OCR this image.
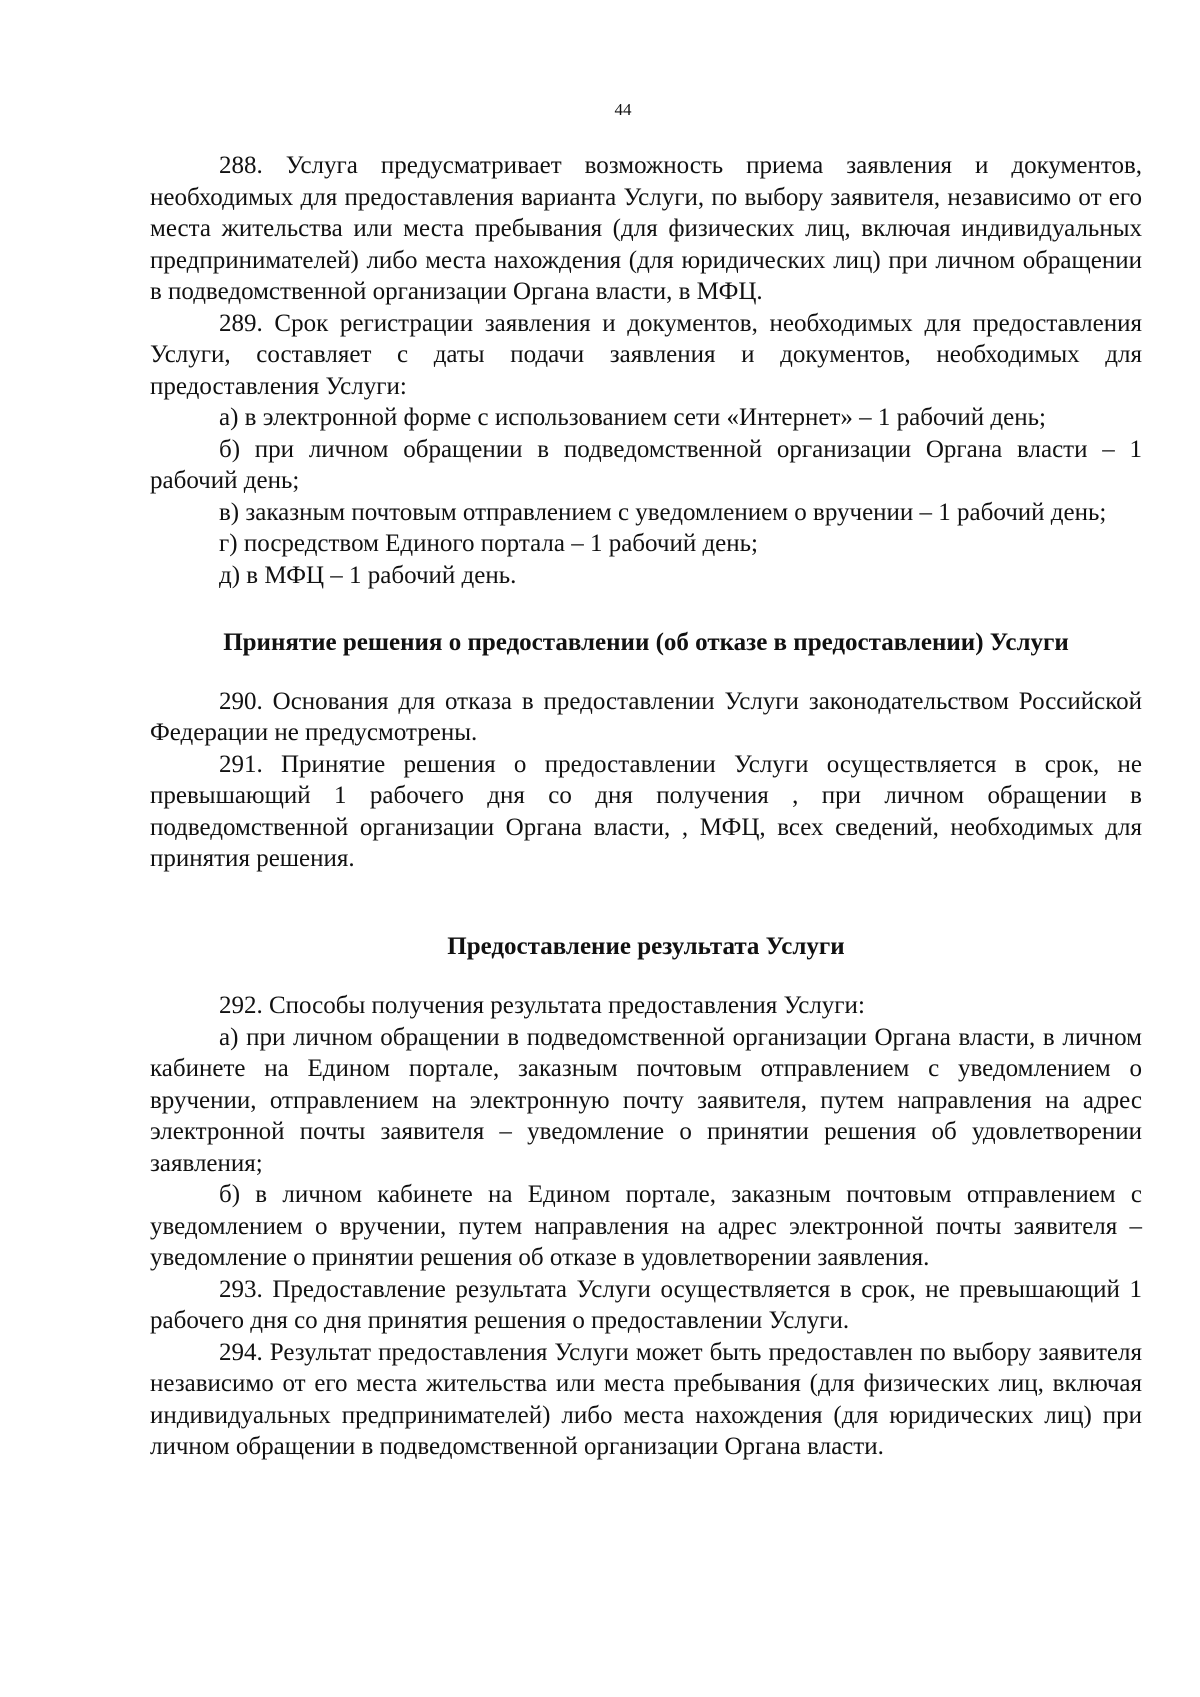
44

288. Услуга предусматривает возможность приема заявления и документов, необходимых для предоставления варианта Услуги, по выбору заявителя, независимо от его места жительства или места пребывания (для физических лиц, включая индивидуальных предпринимателей) либо места нахождения (для юридических лиц) при личном обращении в подведомственной организации Органа власти, в МФЦ.

289. Срок регистрации заявления и документов, необходимых для предоставления Услуги, составляет с даты подачи заявления и документов, необходимых для предоставления Услуги:

а) в электронной форме с использованием сети «Интернет» – 1 рабочий день;

б) при личном обращении в подведомственной организации Органа власти – 1 рабочий день;

в) заказным почтовым отправлением с уведомлением о вручении – 1 рабочий день;

г) посредством Единого портала – 1 рабочий день;

д) в МФЦ – 1 рабочий день.

Принятие решения о предоставлении (об отказе в предоставлении) Услуги

290. Основания для отказа в предоставлении Услуги законодательством Российской Федерации не предусмотрены.

291. Принятие решения о предоставлении Услуги осуществляется в срок, не превышающий 1 рабочего дня со дня получения , при личном обращении в подведомственной организации Органа власти, , МФЦ, всех сведений, необходимых для принятия решения.

Предоставление результата Услуги

292. Способы получения результата предоставления Услуги:

а) при личном обращении в подведомственной организации Органа власти, в личном кабинете на Едином портале, заказным почтовым отправлением с уведомлением о вручении, отправлением на электронную почту заявителя, путем направления на адрес электронной почты заявителя – уведомление о принятии решения об удовлетворении заявления;

б) в личном кабинете на Едином портале, заказным почтовым отправлением с уведомлением о вручении, путем направления на адрес электронной почты заявителя – уведомление о принятии решения об отказе в удовлетворении заявления.

293. Предоставление результата Услуги осуществляется в срок, не превышающий 1 рабочего дня со дня принятия решения о предоставлении Услуги.

294. Результат предоставления Услуги может быть предоставлен по выбору заявителя независимо от его места жительства или места пребывания (для физических лиц, включая индивидуальных предпринимателей) либо места нахождения (для юридических лиц) при личном обращении в подведомственной организации Органа власти.
